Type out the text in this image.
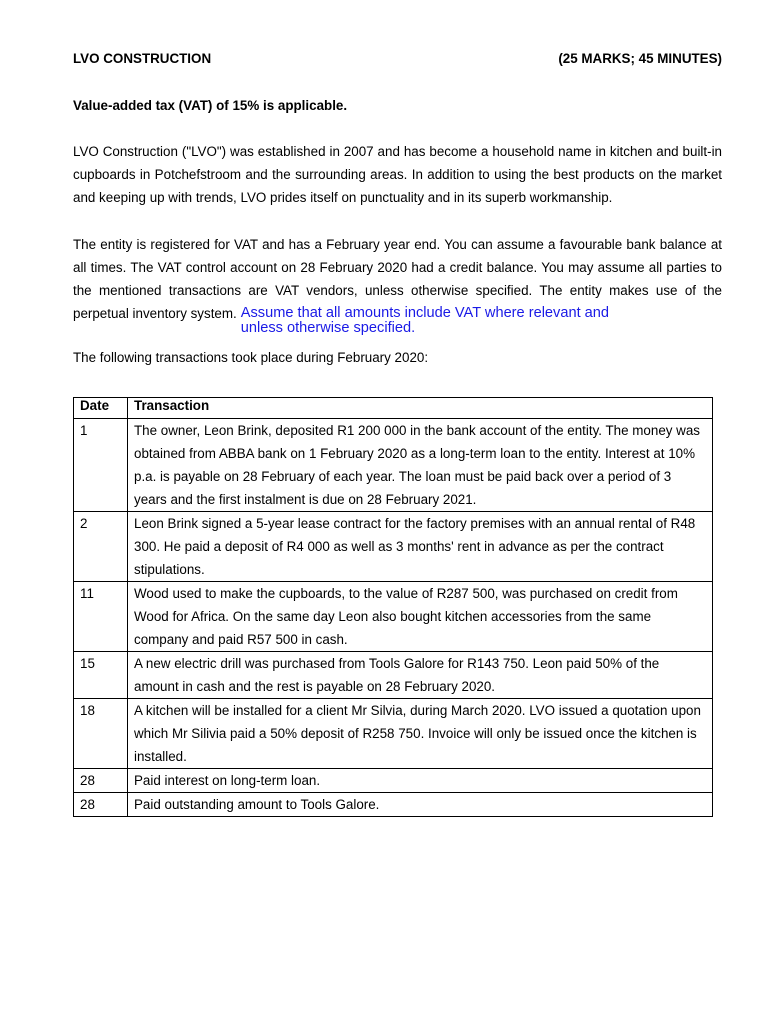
LVO CONSTRUCTION	(25 MARKS; 45 MINUTES)
Value-added tax (VAT) of 15% is applicable.
LVO Construction ("LVO") was established in 2007 and has become a household name in kitchen and built-in cupboards in Potchefstroom and the surrounding areas. In addition to using the best products on the market and keeping up with trends, LVO prides itself on punctuality and in its superb workmanship.
The entity is registered for VAT and has a February year end. You can assume a favourable bank balance at all times. The VAT control account on 28 February 2020 had a credit balance. You may assume all parties to the mentioned transactions are VAT vendors, unless otherwise specified. The entity makes use of the perpetual inventory system. Assume that all amounts include VAT where relevant and unless otherwise specified.
The following transactions took place during February 2020:
Date	Transaction
1	The owner, Leon Brink, deposited R1 200 000 in the bank account of the entity. The money was obtained from ABBA bank on 1 February 2020 as a long-term loan to the entity. Interest at 10% p.a. is payable on 28 February of each year. The loan must be paid back over a period of 3 years and the first instalment is due on 28 February 2021.
2	Leon Brink signed a 5-year lease contract for the factory premises with an annual rental of R48 300. He paid a deposit of R4 000 as well as 3 months' rent in advance as per the contract stipulations.
11	Wood used to make the cupboards, to the value of R287 500, was purchased on credit from Wood for Africa. On the same day Leon also bought kitchen accessories from the same company and paid R57 500 in cash.
15	A new electric drill was purchased from Tools Galore for R143 750. Leon paid 50% of the amount in cash and the rest is payable on 28 February 2020.
18	A kitchen will be installed for a client Mr Silvia, during March 2020. LVO issued a quotation upon which Mr Silivia paid a 50% deposit of R258 750. Invoice will only be issued once the kitchen is installed.
28	Paid interest on long-term loan.
28	Paid outstanding amount to Tools Galore.
